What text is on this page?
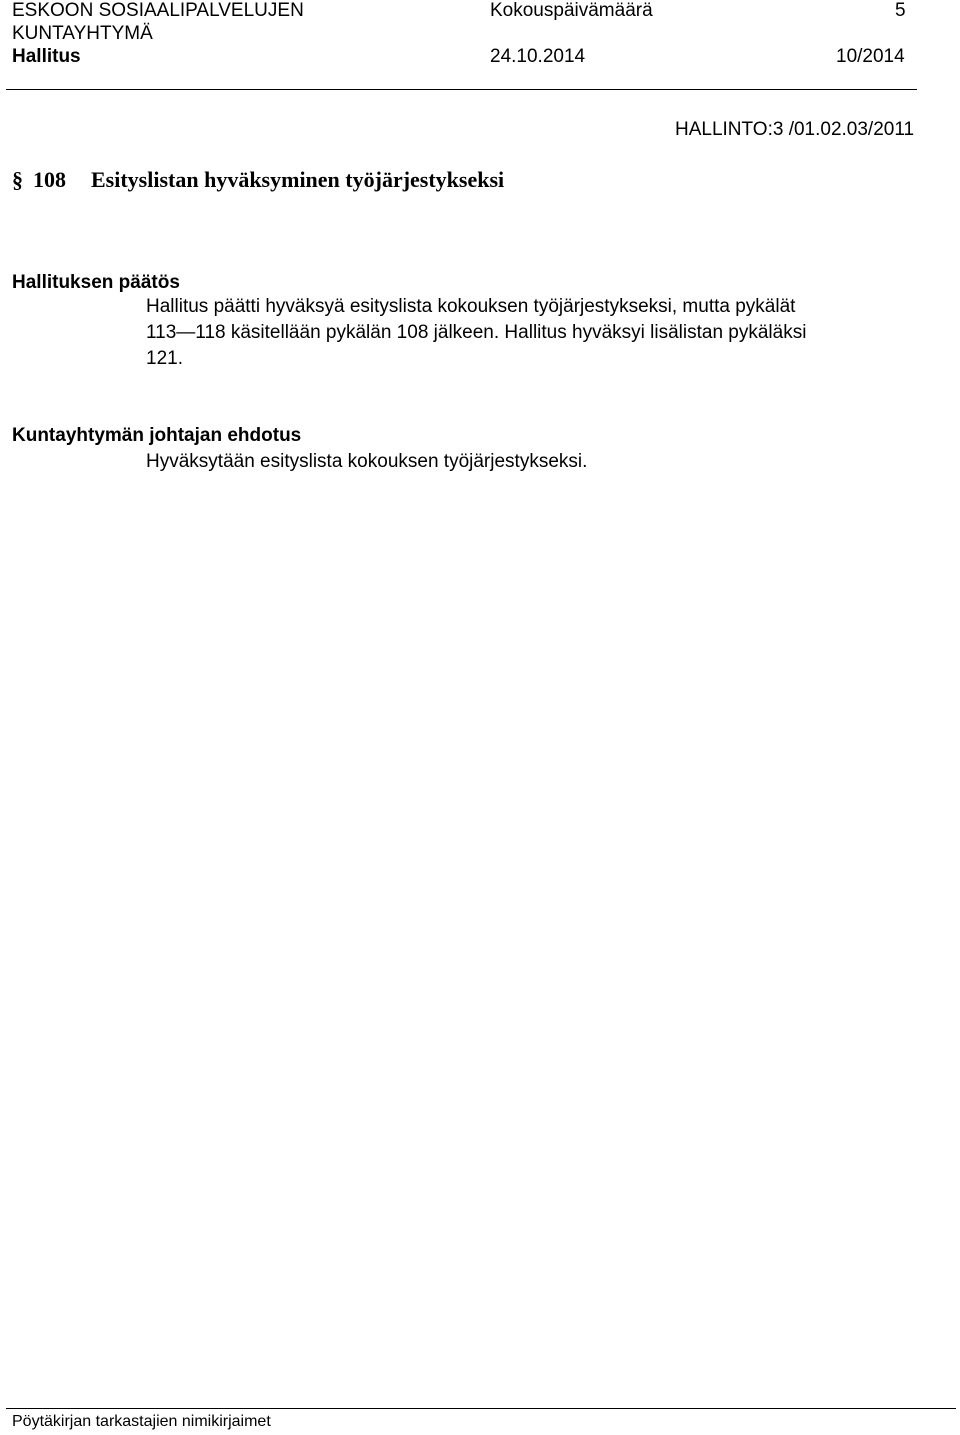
ESKOON SOSIAALIPALVELUJEN	Kokouspäivämäärä	5
KUNTAYHTYMÄ
Hallitus	24.10.2014	10/2014
HALLINTO:3 /01.02.03/2011
§ 108 Esityslistan hyväksyminen työjärjestykseksi
Hallituksen päätös
Hallitus päätti hyväksyä esityslista kokouksen työjärjestykseksi, mutta pykälät
113—118 käsitellään pykälän 108 jälkeen. Hallitus hyväksyi lisälistan pykäläksi
121.
Kuntayhtymän johtajan ehdotus
Hyväksytään esityslista kokouksen työjärjestykseksi.
Pöytäkirjan tarkastajien nimikirjaimet
